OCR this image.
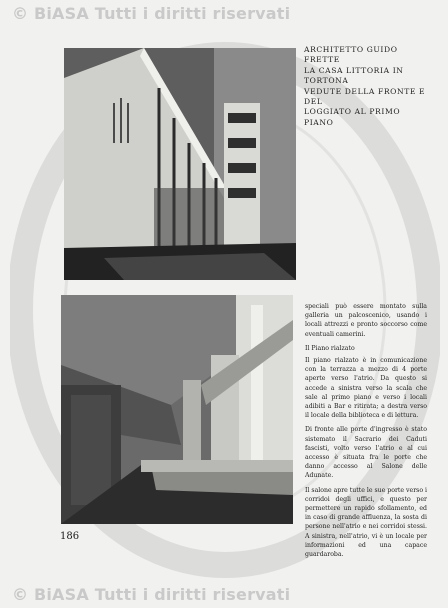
© BiASA Tutti i diritti riservati
ARCHITETTO GUIDO FRETTE
LA CASA LITTORIA IN TORTONA
VEDUTE DELLA FRONTE E DEL
LOGGIATO AL PRIMO PIANO

speciali può essere montato sulla galleria un palcoscenico, usando i locali attrezzi e pronto soccorso come eventuali camerini.

Il Piano rialzato

Il piano rialzato è in comunicazione con la terrazza a mezzo di 4 porte aperte verso l'atrio. Da questo si accede a sinistra verso la scala che sale al primo piano e verso i locali adibiti a Bar e ritirata; a destra verso il locale della biblioteca e di lettura.

Di fronte alle porte d'ingresso è stato sistemato il Sacrario dei Caduti fascisti, volto verso l'atrio e al cui accesso è situata fra le porte che danno accesso al Salone delle Adunate.

Il salone apre tutte le sue porte verso i corridoi degli uffici, e questo per permettere un rapido sfollamento, ed in caso di grande affluenza, la sosta di persone nell'atrio e nei corridoi stessi. A sinistra, nell'atrio, vi è un locale per informazioni ed una capace guardaroba.

186
© BiASA Tutti i diritti riservati
